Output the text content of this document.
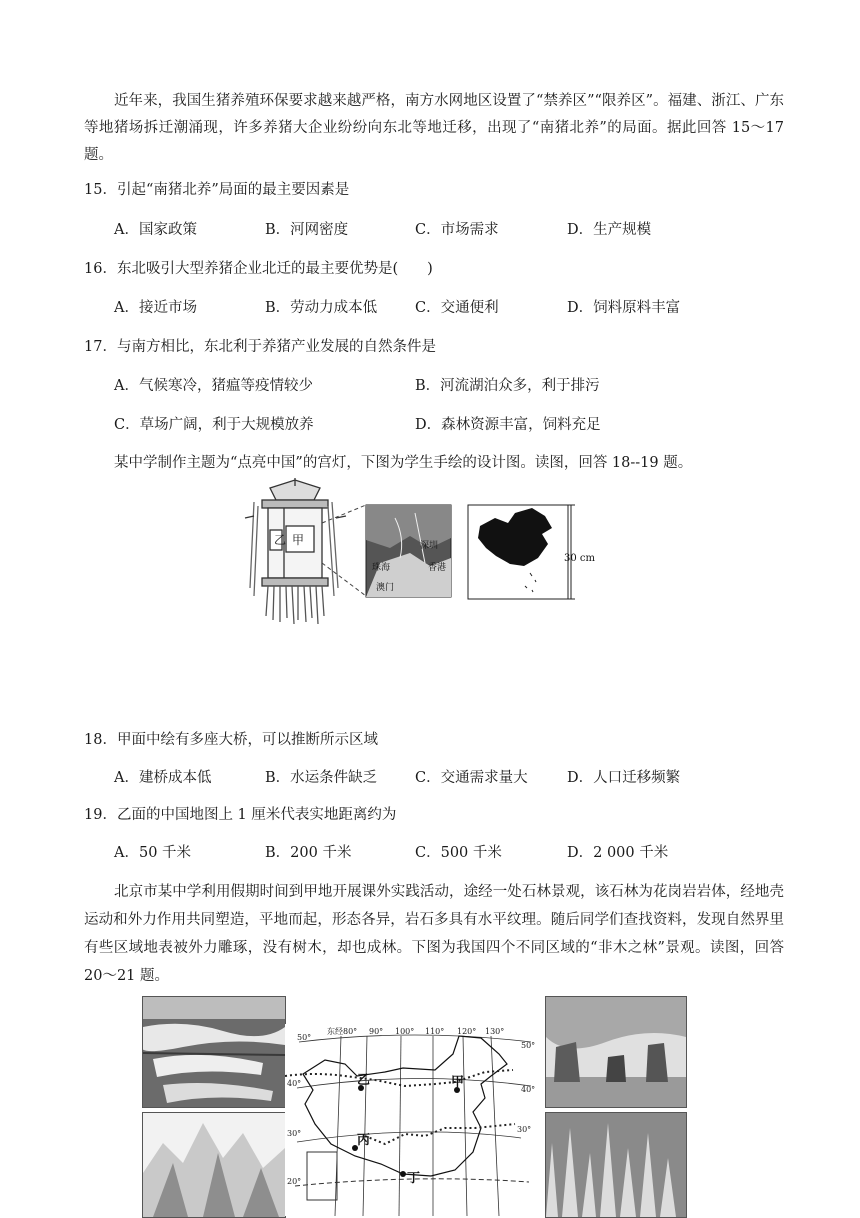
近年来，我国生猪养殖环保要求越来越严格，南方水网地区设置了“禁养区”“限养区”。福建、浙江、广东等地猪场拆迁潮涌现，许多养猪大企业纷纷向东北等地迁移，出现了“南猪北养”的局面。据此回答 15～17 题。

15．引起“南猪北养”局面的最主要因素是
A．国家政策	B．河网密度	C．市场需求	D．生产规模
16．东北吸引大型养猪企业北迁的最主要优势是(　　)
A．接近市场	B．劳动力成本低	C．交通便利	D．饲料原料丰富
17．与南方相比，东北利于养猪产业发展的自然条件是
A．气候寒冷，猪瘟等疫情较少	B．河流湖泊众多，利于排污
C．草场广阔，利于大规模放养	D．森林资源丰富，饲料充足

某中学制作主题为“点亮中国”的宫灯，下图为学生手绘的设计图。读图，回答 18--19 题。

乙 甲	深圳
珠海	香港
澳门
30 cm
18．甲面中绘有多座大桥，可以推断所示区域
A．建桥成本低	B．水运条件缺乏	C．交通需求量大	D．人口迁移频繁
19．乙面的中国地图上 1 厘米代表实地距离约为
A．50 千米	B．200 千米	C．500 千米	D．2 000 千米

北京市某中学利用假期时间到甲地开展课外实践活动，途经一处石林景观，该石林为花岗岩岩体，经地壳运动和外力作用共同塑造，平地而起，形态各异，岩石多具有水平纹理。随后同学们查找资料，发现自然界里有些区域地表被外力雕琢，没有树木，却也成林。下图为我国四个不同区域的“非木之林”景观。读图，回答 20～21 题。

乙	甲
丙
丁
东经80° 90° 100° 110° 120° 130°
50°
40°
30°
20°
50°
40°
30°
